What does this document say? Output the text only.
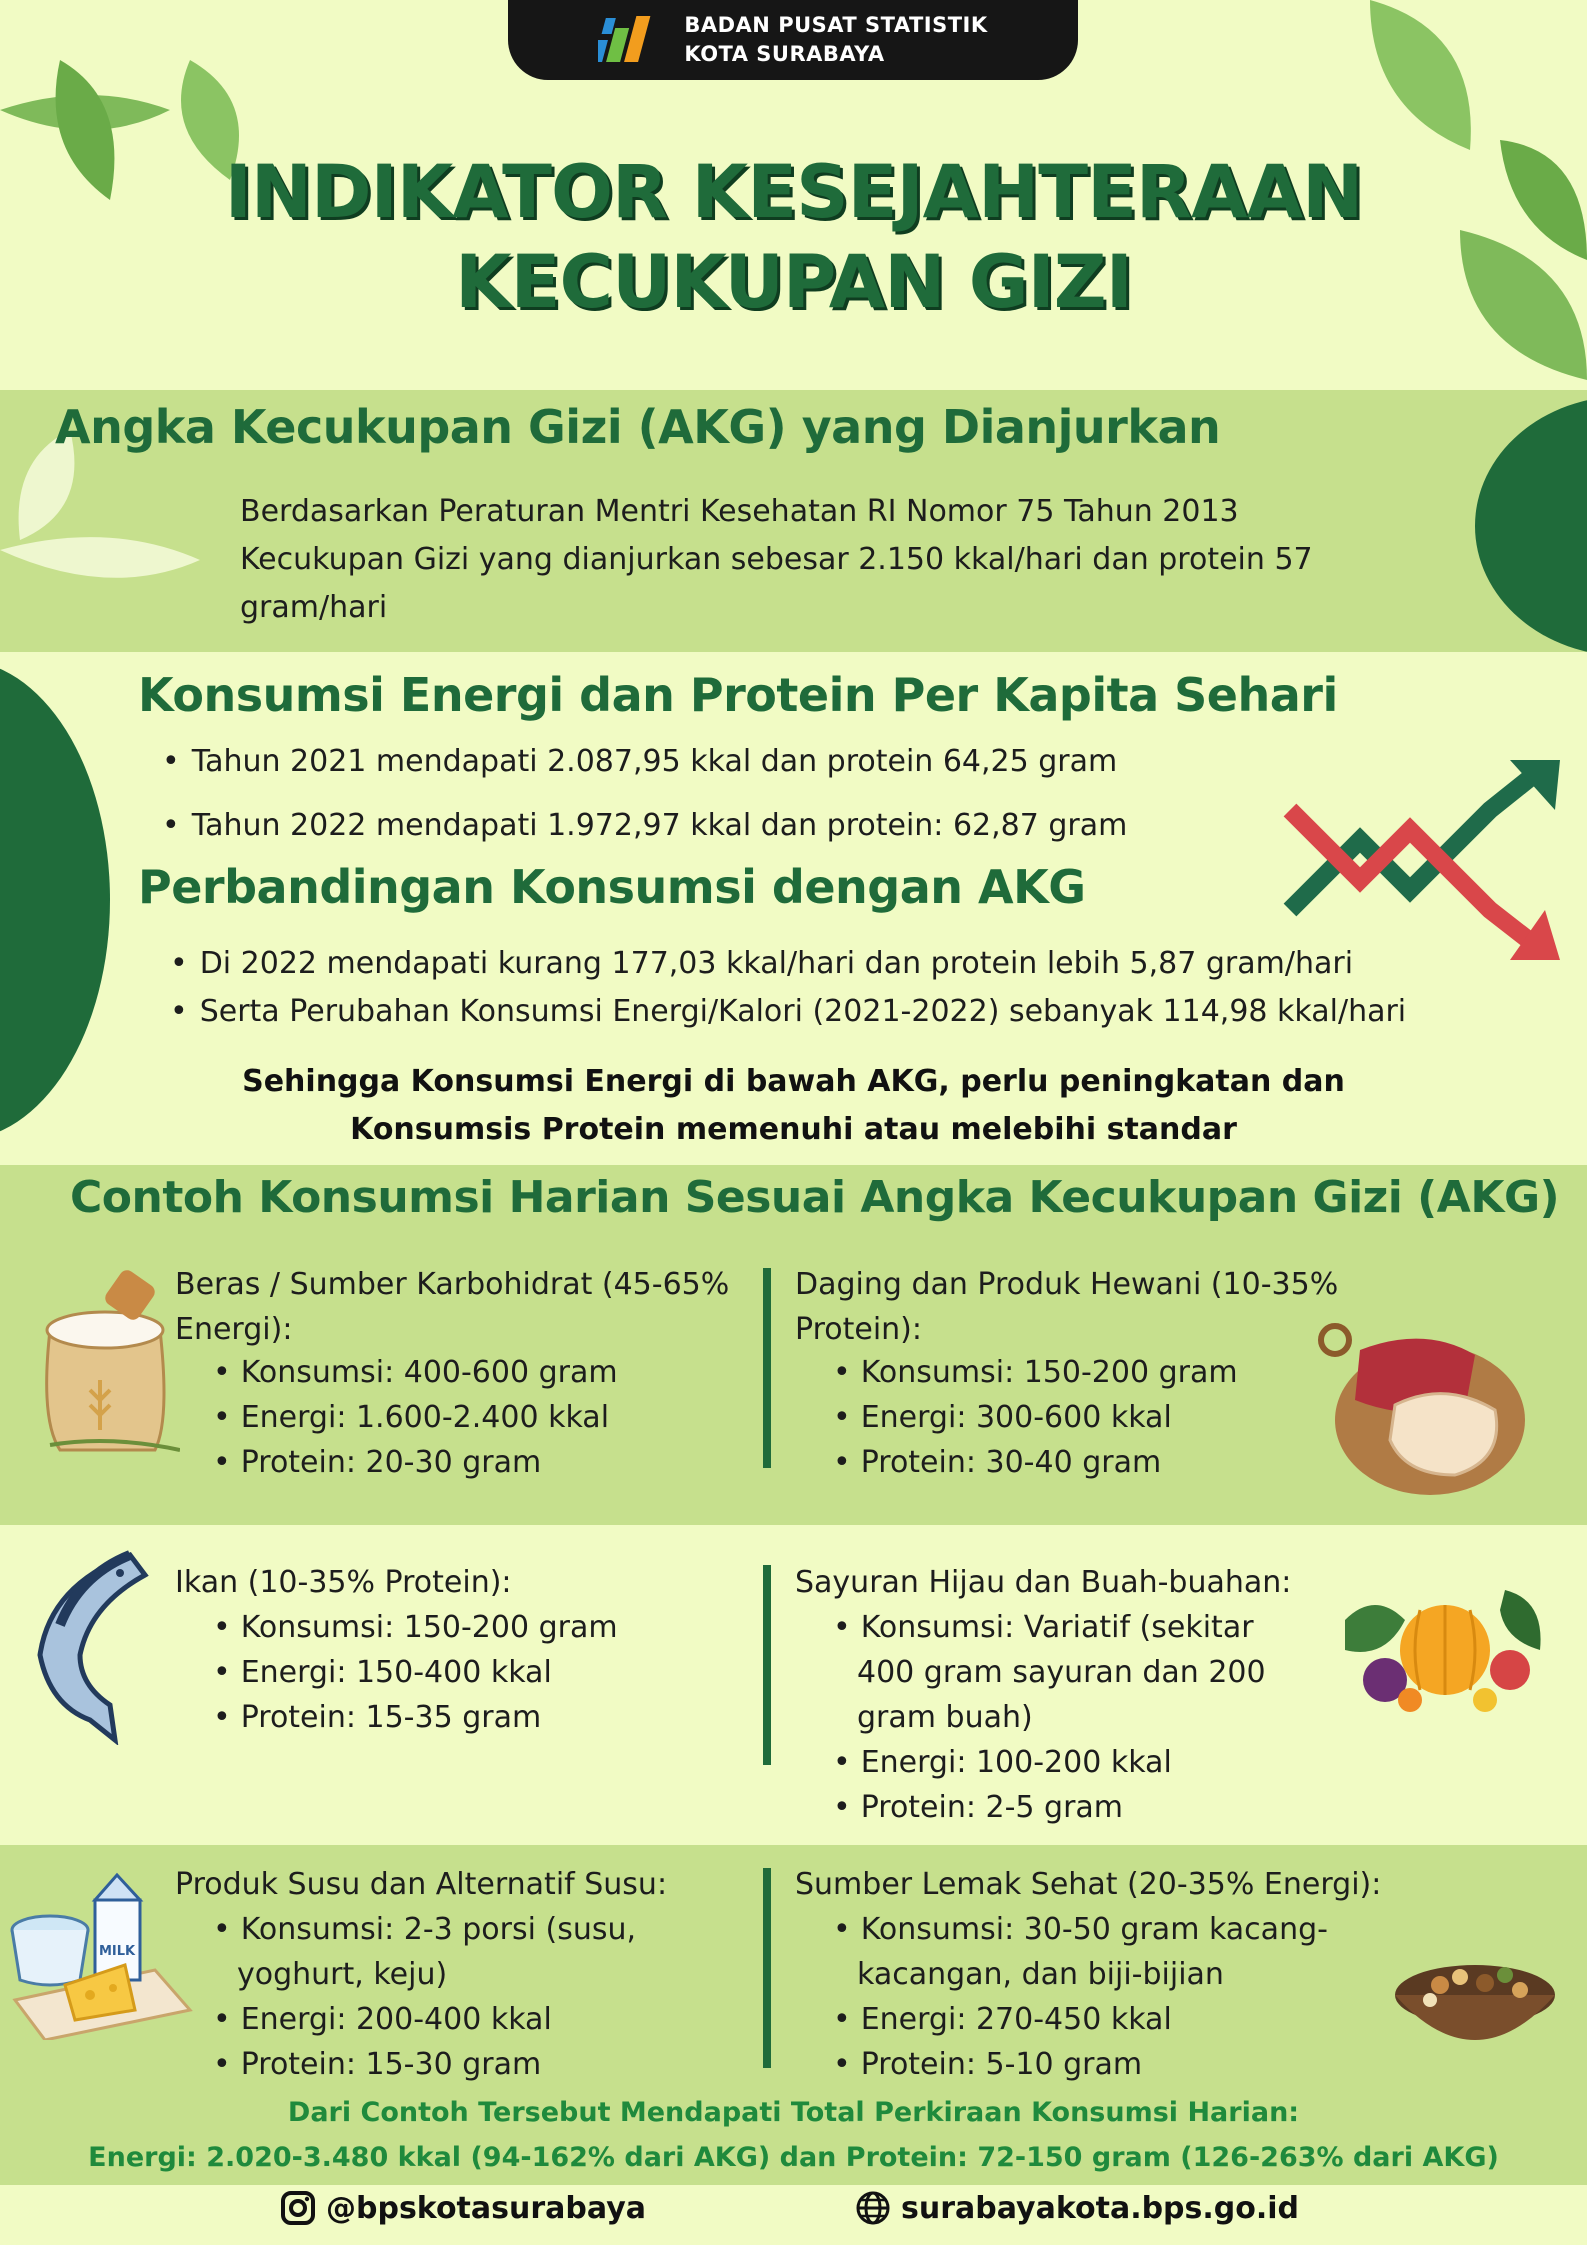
BADAN PUSAT STATISTIK
KOTA SURABAYA
INDIKATOR KESEJAHTERAAN
KECUKUPAN GIZI
Angka Kecukupan Gizi (AKG) yang Dianjurkan
Berdasarkan Peraturan Mentri Kesehatan RI Nomor 75 Tahun 2013
Kecukupan Gizi yang dianjurkan sebesar 2.150 kkal/hari dan protein 57
gram/hari
Konsumsi Energi dan Protein Per Kapita Sehari
• Tahun 2021 mendapati 2.087,95 kkal dan protein 64,25 gram
• Tahun 2022 mendapati 1.972,97 kkal dan protein: 62,87 gram
Perbandingan Konsumsi dengan AKG
• Di 2022 mendapati kurang 177,03 kkal/hari dan protein lebih 5,87 gram/hari
• Serta Perubahan Konsumsi Energi/Kalori (2021-2022) sebanyak 114,98 kkal/hari
Sehingga Konsumsi Energi di bawah AKG, perlu peningkatan dan
Konsumsis Protein memenuhi atau melebihi standar
Contoh Konsumsi Harian Sesuai Angka Kecukupan Gizi (AKG)
Beras / Sumber Karbohidrat (45-65% Energi):
• Konsumsi: 400-600 gram
• Energi: 1.600-2.400 kkal
• Protein: 20-30 gram
Daging dan Produk Hewani (10-35% Protein):
• Konsumsi: 150-200 gram
• Energi: 300-600 kkal
• Protein: 30-40 gram
Ikan (10-35% Protein):
• Konsumsi: 150-200 gram
• Energi: 150-400 kkal
• Protein: 15-35 gram
Sayuran Hijau dan Buah-buahan:
• Konsumsi: Variatif (sekitar 400 gram sayuran dan 200 gram buah)
• Energi: 100-200 kkal
• Protein: 2-5 gram
MILK
Produk Susu dan Alternatif Susu:
• Konsumsi: 2-3 porsi (susu, yoghurt, keju)
• Energi: 200-400 kkal
• Protein: 15-30 gram
Sumber Lemak Sehat (20-35% Energi):
• Konsumsi: 30-50 gram kacang-kacangan, dan biji-bijian
• Energi: 270-450 kkal
• Protein: 5-10 gram
Dari Contoh Tersebut Mendapati Total Perkiraan Konsumsi Harian:
Energi: 2.020-3.480 kkal (94-162% dari AKG) dan Protein: 72-150 gram (126-263% dari AKG)
@bpskotasurabaya	surabayakota.bps.go.id
